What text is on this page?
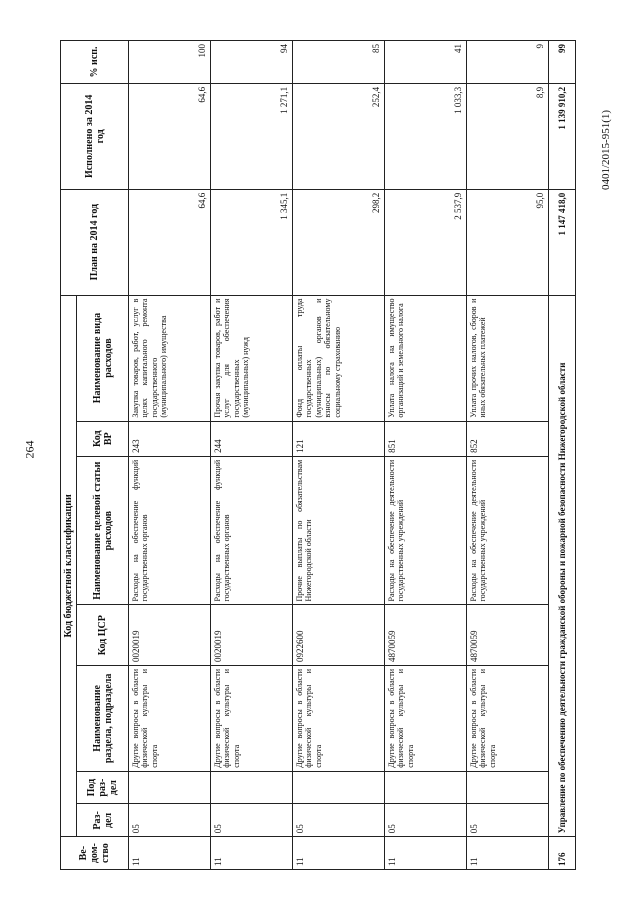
264
0401/2015-951(1)
Ве-дом-ство	Код бюджетной классификации							План на 2014 год	Исполнено за 2014 год	% исп.
	Раз-дел	Под раз-дел	Наименование раздела, подраздела	Код ЦСР	Наименование целевой статьи расходов	Код ВР	Наименование вида расходов			
11	05		Другие вопросы в области физической культуры и спорта	0020019	Расходы на обеспечение функций государственных органов	243	Закупка товаров, работ, услуг в целях капитального ремонта государственного (муниципального) имущества	64,6	64,6	100
11	05		Другие вопросы в области физической культуры и спорта	0020019	Расходы на обеспечение функций государственных органов	244	Прочая закупка товаров, работ и услуг для обеспечения государственных (муниципальных) нужд	1 345,1	1 271,1	94
11	05		Другие вопросы в области физической культуры и спорта	0922600	Прочие выплаты по обязательствам Нижегородской области	121	Фонд оплаты труда государственных (муниципальных) органов и взносы по обязательному социальному страхованию	298,2	252,4	85
11	05		Другие вопросы в области физической культуры и спорта	4870059	Расходы на обеспечение деятельности государственных учреждений	851	Уплата налога на имущество организаций и земельного налога	2 537,9	1 033,3	41
11	05		Другие вопросы в области физической культуры и спорта	4870059	Расходы на обеспечение деятельности государственных учреждений	852	Уплата прочих налогов, сборов и иных обязательных платежей	95,0	8,9	9
176	Управление по обеспечению деятельности гражданской обороны и пожарной безопасности Нижегородской области							1 147 418,0	1 139 910,2	99
